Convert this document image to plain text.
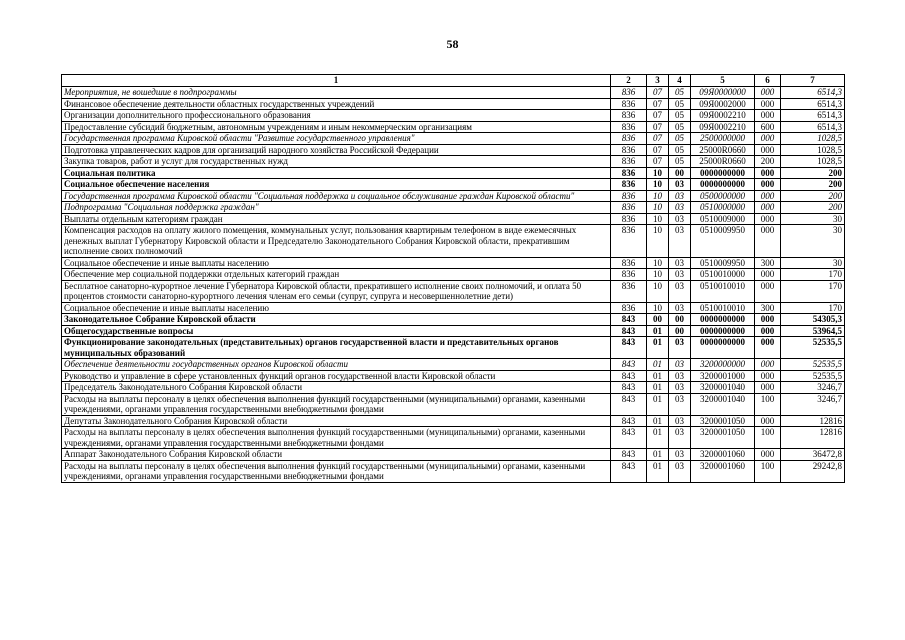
58
1	2	3	4	5	6	7
Мероприятия, не вошедшие в подпрограммы	836	07	05	09Я0000000	000	6514,3
Финансовое обеспечение деятельности областных государственных учреждений	836	07	05	09Я0002000	000	6514,3
Организации дополнительного профессионального образования	836	07	05	09Я0002210	000	6514,3
Предоставление субсидий бюджетным, автономным учреждениям и иным некоммерческим организациям	836	07	05	09Я0002210	600	6514,3
Государственная программа Кировской области "Развитие государственного управления"	836	07	05	2500000000	000	1028,5
Подготовка управленческих кадров для организаций народного хозяйства Российской Федерации	836	07	05	25000R0660	000	1028,5
Закупка товаров, работ и услуг для государственных нужд	836	07	05	25000R0660	200	1028,5
Социальная политика	836	10	00	0000000000	000	200
Социальное обеспечение населения	836	10	03	0000000000	000	200
Государственная программа Кировской области "Социальная поддержка и социальное обслуживание граждан Кировской области"	836	10	03	0500000000	000	200
Подпрограмма "Социальная поддержка граждан"	836	10	03	0510000000	000	200
Выплаты отдельным категориям граждан	836	10	03	0510009000	000	30
Компенсация расходов на оплату жилого помещения, коммунальных услуг, пользования квартирным телефоном в виде ежемесячных денежных выплат Губернатору Кировской области и Председателю Законодательного Собрания Кировской области, прекратившим исполнение своих полномочий	836	10	03	0510009950	000	30
Социальное обеспечение и иные выплаты населению	836	10	03	0510009950	300	30
Обеспечение мер социальной поддержки отдельных категорий граждан	836	10	03	0510010000	000	170
Бесплатное санаторно-курортное лечение Губернатора Кировской области, прекратившего исполнение своих полномочий, и оплата 50 процентов стоимости санаторно-курортного лечения членам его семьи (супруг, супруга и несовершеннолетние дети)	836	10	03	0510010010	000	170
Социальное обеспечение и иные выплаты населению	836	10	03	0510010010	300	170
Законодательное Собрание Кировской области	843	00	00	0000000000	000	54305,3
Общегосударственные вопросы	843	01	00	0000000000	000	53964,5
Функционирование законодательных (представительных) органов государственной власти и представительных органов муниципальных образований	843	01	03	0000000000	000	52535,5
Обеспечение деятельности государственных органов Кировской области	843	01	03	3200000000	000	52535,5
Руководство и управление в сфере установленных функций органов государственной власти Кировской области	843	01	03	3200001000	000	52535,5
Председатель Законодательного Собрания Кировской области	843	01	03	3200001040	000	3246,7
Расходы на выплаты персоналу в целях обеспечения выполнения функций государственными (муниципальными) органами, казенными учреждениями, органами управления государственными внебюджетными фондами	843	01	03	3200001040	100	3246,7
Депутаты Законодательного Собрания Кировской области	843	01	03	3200001050	000	12816
Расходы на выплаты персоналу в целях обеспечения выполнения функций государственными (муниципальными) органами, казенными учреждениями, органами управления государственными внебюджетными фондами	843	01	03	3200001050	100	12816
Аппарат Законодательного Собрания Кировской области	843	01	03	3200001060	000	36472,8
Расходы на выплаты персоналу в целях обеспечения выполнения функций государственными (муниципальными) органами, казенными учреждениями, органами управления государственными внебюджетными фондами	843	01	03	3200001060	100	29242,8
